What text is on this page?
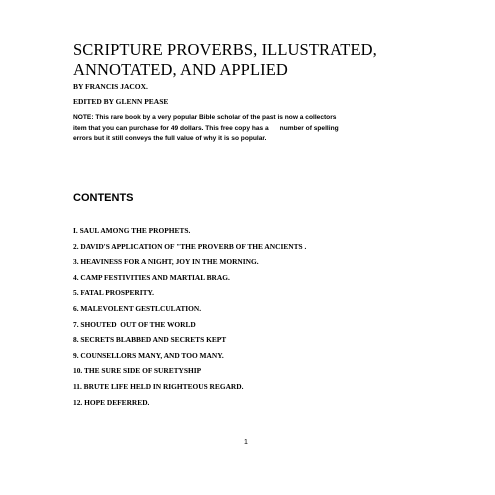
SCRIPTURE PROVERBS, ILLUSTRATED,
ANNOTATED, AND APPLIED

BY FRANCIS JACOX.

EDITED BY GLENN PEASE

NOTE: This rare book by a very popular Bible scholar of the past is now a collectors
item that you can purchase for 49 dollars. This free copy has a      number of spelling
errors but it still conveys the full value of why it is so popular.

CONTENTS
I. SAUL AMONG THE PROPHETS.
2. DAVID'S APPLICATION OF "THE PROVERB OF THE ANCIENTS .
3. HEAVINESS FOR A NIGHT, JOY IN THE MORNING.
4. CAMP FESTIVITIES AND MARTIAL BRAG.
5. FATAL PROSPERITY.
6. MALEVOLENT GESTLCULATION.
7. SHOUTED  OUT OF THE WORLD
8. SECRETS BLABBED AND SECRETS KEPT
9. COUNSELLORS MANY, AND TOO MANY.
10. THE SURE SIDE OF SURETYSHIP
11. BRUTE LIFE HELD IN RIGHTEOUS REGARD.
12. HOPE DEFERRED.

1
